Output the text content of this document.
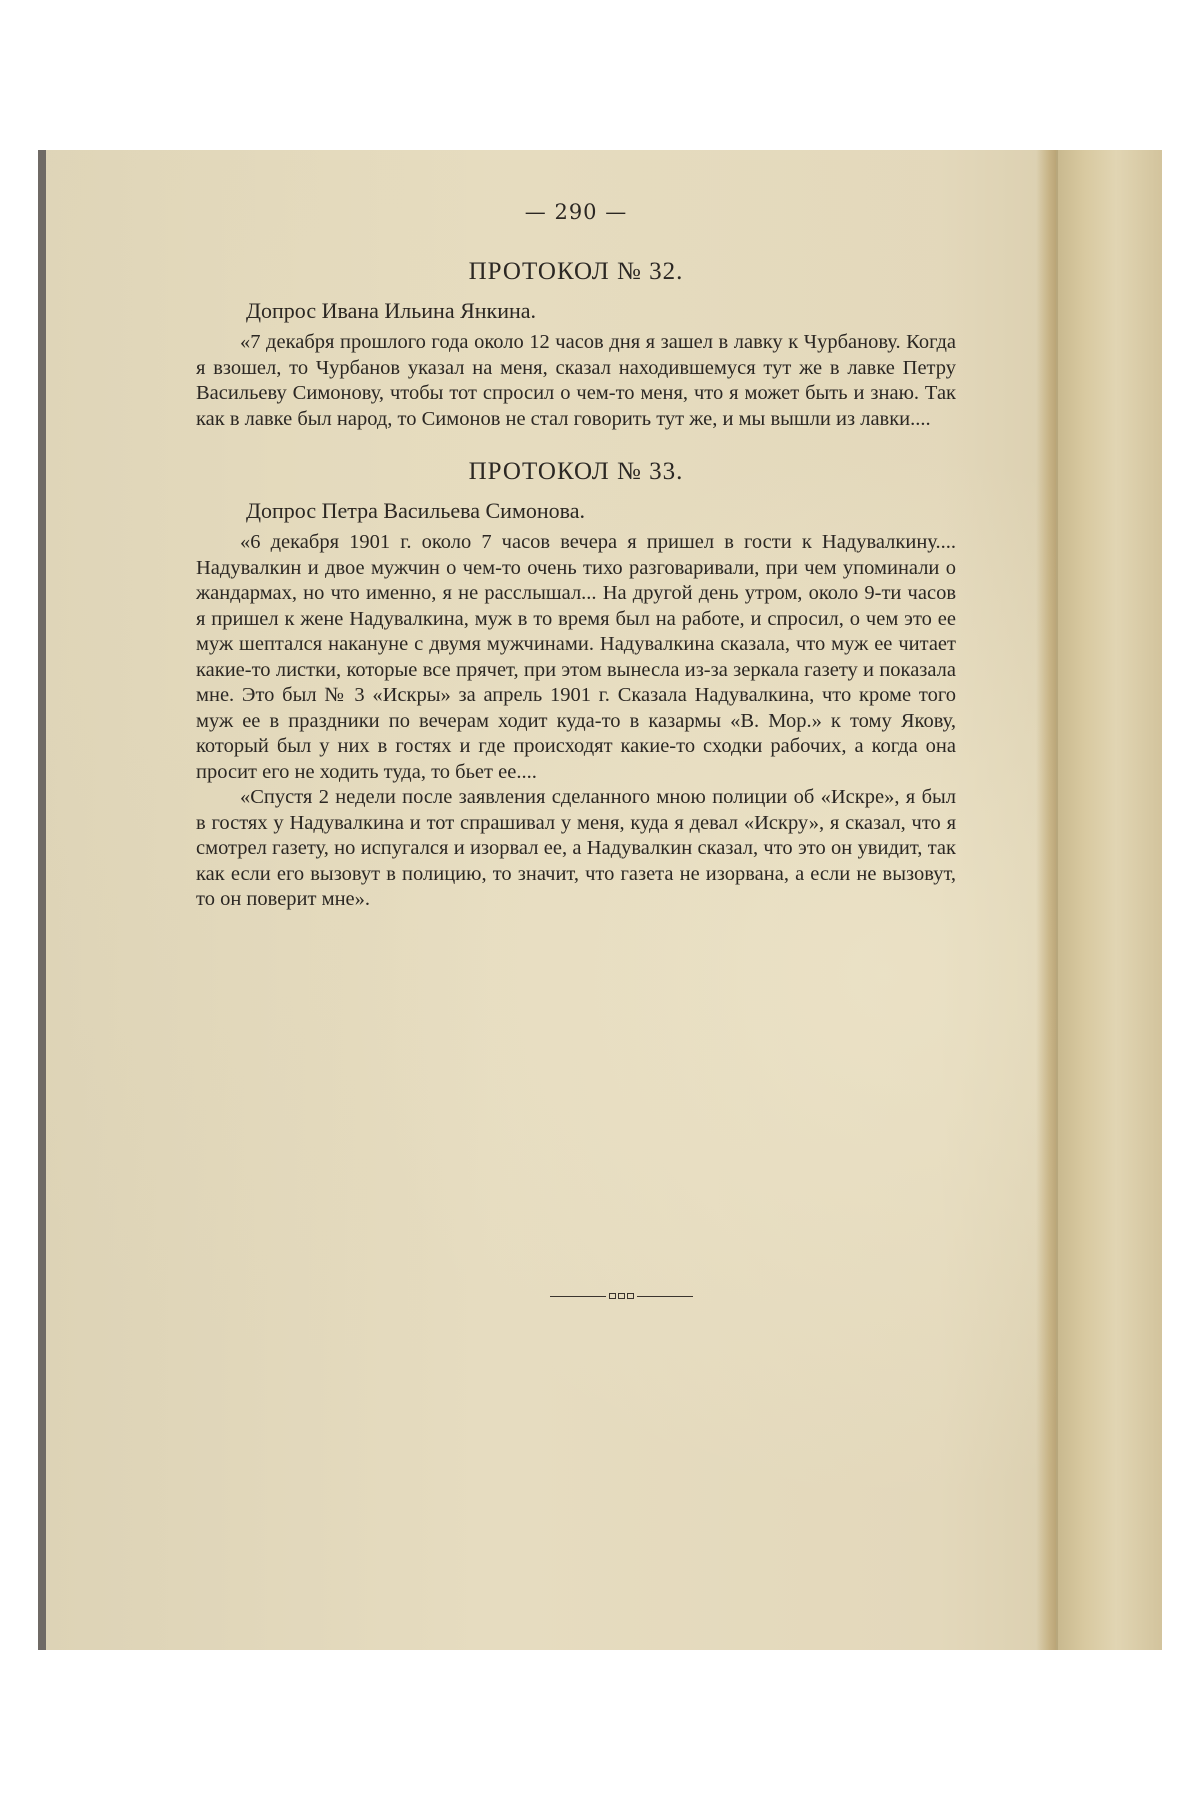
— 290 —
ПРОТОКОЛ № 32.
Допрос Ивана Ильина Янкина.

«7 декабря прошлого года около 12 часов дня я зашел в лавку к Чурбанову. Когда я взошел, то Чурбанов указал на меня, сказал находившемуся тут же в лавке Петру Васильеву Симонову, чтобы тот спросил о чем-то меня, что я может быть и знаю. Так как в лавке был народ, то Симонов не стал говорить тут же, и мы вышли из лавки....

ПРОТОКОЛ № 33.
Допрос Петра Васильева Симонова.

«6 декабря 1901 г. около 7 часов вечера я пришел в гости к Надувалкину.... Надувалкин и двое мужчин о чем-то очень тихо разговаривали, при чем упоминали о жандармах, но что именно, я не расслышал... На другой день утром, около 9-ти часов я пришел к жене Надувалкина, муж в то время был на работе, и спросил, о чем это ее муж шептался накануне с двумя мужчинами. Надувалкина сказала, что муж ее читает какие-то листки, которые все прячет, при этом вынесла из-за зеркала газету и показала мне. Это был № 3 «Искры» за апрель 1901 г. Сказала Надувалкина, что кроме того муж ее в праздники по вечерам ходит куда-то в казармы «В. Мор.» к тому Якову, который был у них в гостях и где происходят какие-то сходки рабочих, а когда она просит его не ходить туда, то бьет ее....

«Спустя 2 недели после заявления сделанного мною полиции об «Искре», я был в гостях у Надувалкина и тот спрашивал у меня, куда я девал «Искру», я сказал, что я смотрел газету, но испугался и изорвал ее, а Надувалкин сказал, что это он увидит, так как если его вызовут в полицию, то значит, что газета не изорвана, а если не вызовут, то он поверит мне».
